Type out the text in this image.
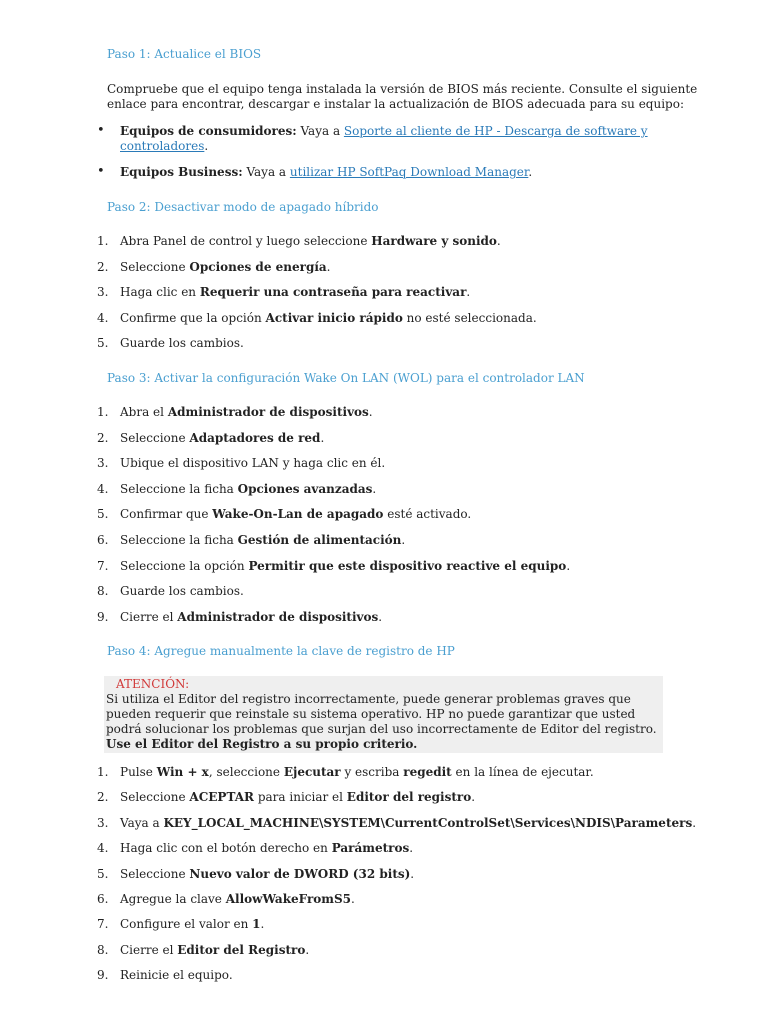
Paso 1: Actualice el BIOS
Compruebe que el equipo tenga instalada la versión de BIOS más reciente. Consulte el siguiente
enlace para encontrar, descargar e instalar la actualización de BIOS adecuada para su equipo:
• Equipos de consumidores: Vaya a Soporte al cliente de HP - Descarga de software y
controladores.
• Equipos Business: Vaya a utilizar HP SoftPaq Download Manager.
Paso 2: Desactivar modo de apagado híbrido
1. Abra Panel de control y luego seleccione Hardware y sonido.
2. Seleccione Opciones de energía.
3. Haga clic en Requerir una contraseña para reactivar.
4. Confirme que la opción Activar inicio rápido no esté seleccionada.
5. Guarde los cambios.
Paso 3: Activar la configuración Wake On LAN (WOL) para el controlador LAN
1. Abra el Administrador de dispositivos.
2. Seleccione Adaptadores de red.
3. Ubique el dispositivo LAN y haga clic en él.
4. Seleccione la ficha Opciones avanzadas.
5. Confirmar que Wake-On-Lan de apagado esté activado.
6. Seleccione la ficha Gestión de alimentación.
7. Seleccione la opción Permitir que este dispositivo reactive el equipo.
8. Guarde los cambios.
9. Cierre el Administrador de dispositivos.
Paso 4: Agregue manualmente la clave de registro de HP
ATENCIÓN:
Si utiliza el Editor del registro incorrectamente, puede generar problemas graves que pueden requerir que reinstale su sistema operativo. HP no puede garantizar que usted podrá solucionar los problemas que surjan del uso incorrectamente de Editor del registro. Use el Editor del Registro a su propio criterio.
1. Pulse Win + x, seleccione Ejecutar y escriba regedit en la línea de ejecutar.
2. Seleccione ACEPTAR para iniciar el Editor del registro.
3. Vaya a KEY_LOCAL_MACHINE\SYSTEM\CurrentControlSet\Services\NDIS\Parameters.
4. Haga clic con el botón derecho en Parámetros.
5. Seleccione Nuevo valor de DWORD (32 bits).
6. Agregue la clave AllowWakeFromS5.
7. Configure el valor en 1.
8. Cierre el Editor del Registro.
9. Reinicie el equipo.
